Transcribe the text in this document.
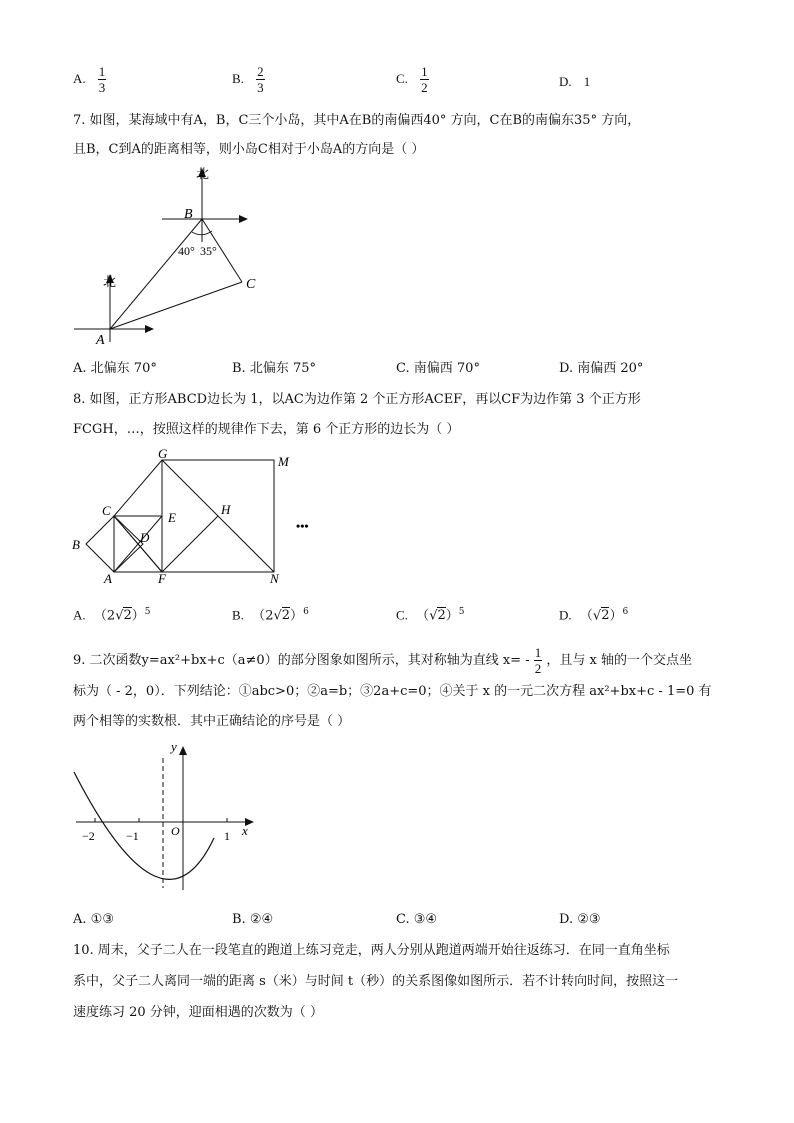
A. $\frac{1}{3}$	B. $\frac{2}{3}$	C. $\frac{1}{2}$	D. 1
7. 如图，某海域中有A，B，C三个小岛，其中A在B的南偏西40° 方向，C在B的南偏东35° 方向，
且B，C到A的距离相等，则小岛C相对于小岛A的方向是（ ）
北
B
40° 35°
C
北
A
A. 北偏东 70°	B. 北偏东 75°	C. 南偏西 70°	D. 南偏西 20°
8. 如图，正方形ABCD边长为 1，以AC为边作第 2 个正方形ACEF，再以CF为边作第 3 个正方形
FCGH，…，按照这样的规律作下去，第 6 个正方形的边长为（ ）
G
M
C	E
H
B	D
A	F	N
•••
A.  $(2√2)^5$	B.  $(2√2)^6$	C.  $(√2)^5$	D.  $(√2)^6$
9. 二次函数y=ax²+bx+c（a≠0）的部分图象如图所示，其对称轴为直线 $x= - \frac{1}{2}$ ，且与 x 轴的一个交点坐
标为（ - 2，0）．下列结论：①abc>0；②a=b；③2a+c=0；④关于 x 的一元二次方程 ax²+bx+c - 1=0 有
两个相等的实数根．其中正确结论的序号是（ ）
y
x
O
−2	−1	1
A. ①③	B. ②④	C. ③④	D. ②③
10. 周末，父子二人在一段笔直的跑道上练习竞走，两人分别从跑道两端开始往返练习．在同一直角坐标
系中，父子二人离同一端的距离 s（米）与时间 t（秒）的关系图像如图所示．若不计转向时间，按照这一
速度练习 20 分钟，迎面相遇的次数为（ ）
